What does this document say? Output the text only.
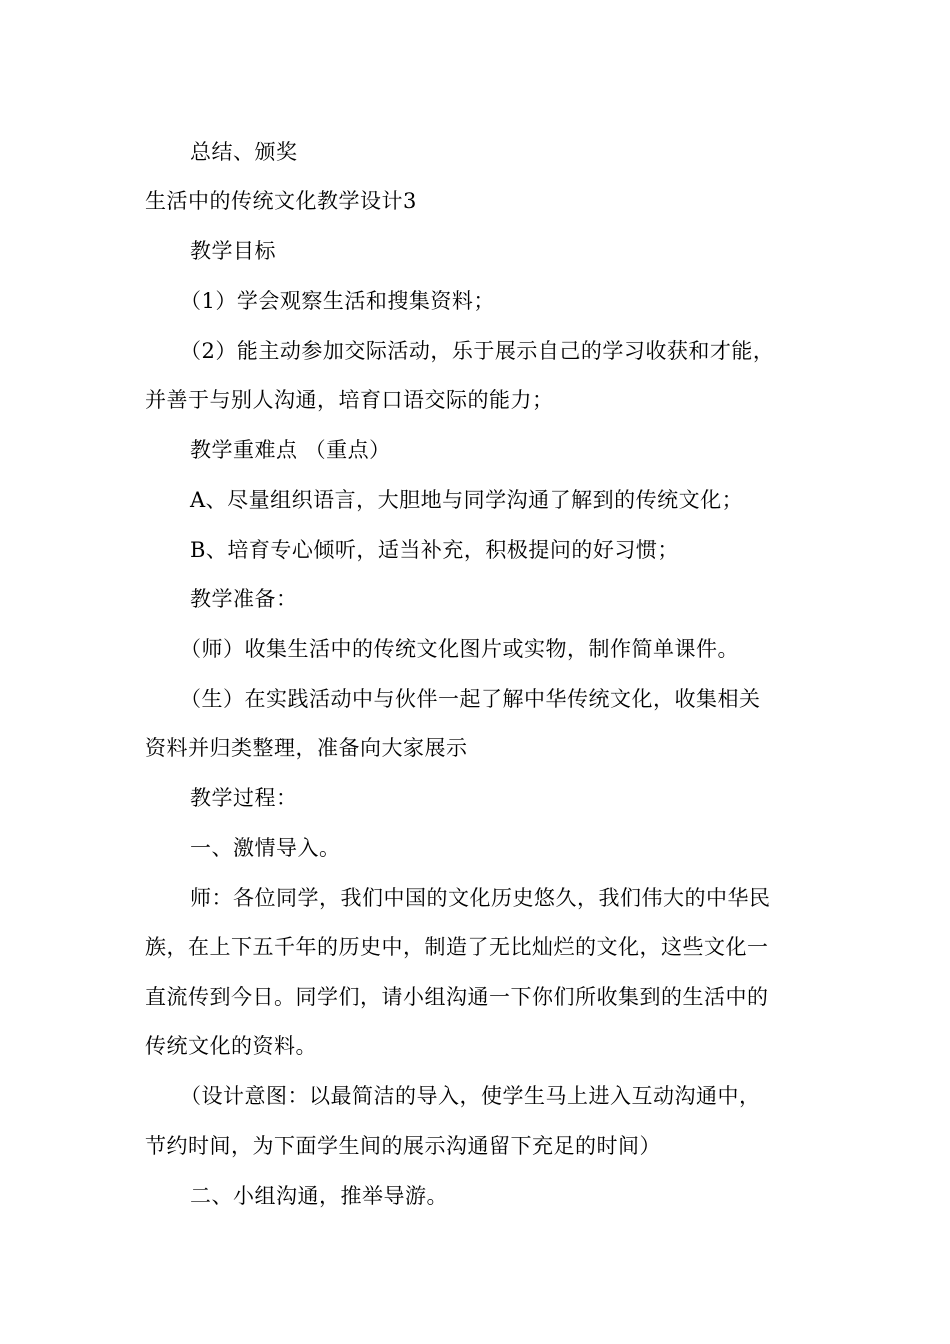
总结、颁奖
生活中的传统文化教学设计3
教学目标
（1）学会观察生活和搜集资料；
（2）能主动参加交际活动，乐于展示自己的学习收获和才能，
并善于与别人沟通，培育口语交际的能力；
教学重难点 （重点）
A、尽量组织语言，大胆地与同学沟通了解到的传统文化；
B、培育专心倾听，适当补充，积极提问的好习惯；
教学准备：
（师）收集生活中的传统文化图片或实物，制作简单课件。
（生）在实践活动中与伙伴一起了解中华传统文化，收集相关
资料并归类整理，准备向大家展示
教学过程：
一、激情导入。
师：各位同学，我们中国的文化历史悠久，我们伟大的中华民
族，在上下五千年的历史中，制造了无比灿烂的文化，这些文化一
直流传到今日。同学们，请小组沟通一下你们所收集到的生活中的
传统文化的资料。
（设计意图：以最简洁的导入，使学生马上进入互动沟通中，
节约时间，为下面学生间的展示沟通留下充足的时间）
二、小组沟通，推举导游。
